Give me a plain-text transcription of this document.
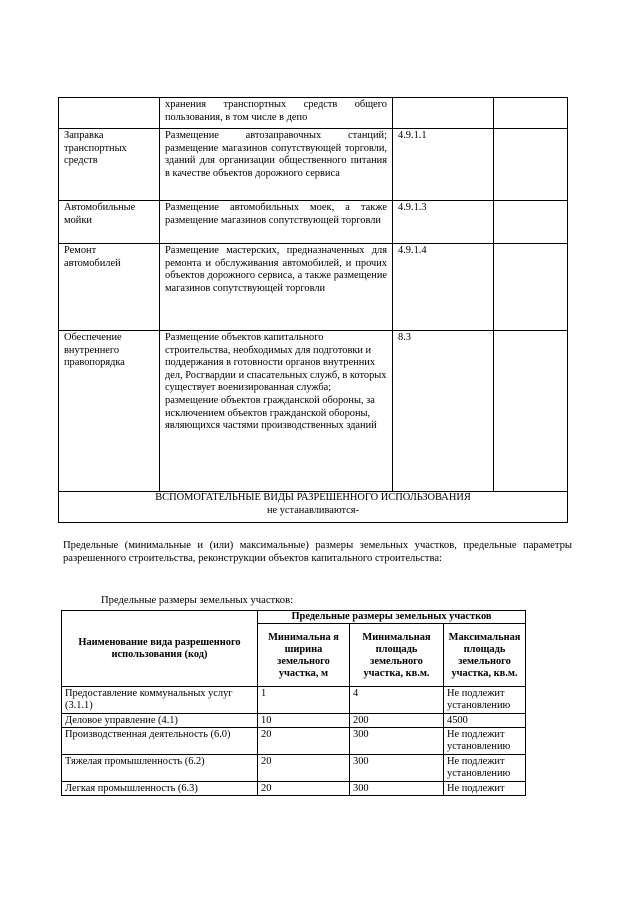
	хранения транспортных средств общего пользования, в том числе в депо		
Заправка транспортных средств	Размещение автозаправочных станций; размещение магазинов сопутствующей торговли, зданий для организации общественного питания в качестве объектов дорожного сервиса	4.9.1.1	
Автомобильные мойки	Размещение автомобильных моек, а также размещение магазинов сопутствующей торговли	4.9.1.3	
Ремонт автомобилей	Размещение мастерских, предназначенных для ремонта и обслуживания автомобилей, и прочих объектов дорожного сервиса, а также размещение магазинов сопутствующей торговли	4.9.1.4	
Обеспечение внутреннего правопорядка	Размещение объектов капитального строительства, необходимых для подготовки и поддержания в готовности органов внутренних дел, Росгвардии и спасательных служб, в которых существует военизированная служба; размещение объектов гражданской обороны, за исключением объектов гражданской обороны, являющихся частями производственных зданий	8.3	

ВСПОМОГАТЕЛЬНЫЕ ВИДЫ РАЗРЕШЕННОГО ИСПОЛЬЗОВАНИЯ
не устанавливаются-			

Предельные (минимальные и (или) максимальные) размеры земельных участков, предельные параметры разрешенного строительства, реконструкции объектов капитального строительства:

Предельные размеры земельных участков:

Наименование вида разрешенного использования (код)	Предельные размеры земельных участков		
	Минимальна я ширина земельного участка, м	Минимальная площадь земельного участка, кв.м.	Максимальная площадь земельного участка, кв.м.
Предоставление коммунальных услуг (3.1.1)	1	4	Не подлежит установлению
Деловое управление (4.1)	10	200	4500
Производственная деятельность (6.0)	20	300	Не подлежит установлению
Тяжелая промышленность (6.2)	20	300	Не подлежит установлению
Легкая промышленность (6.3)	20	300	Не подлежит
